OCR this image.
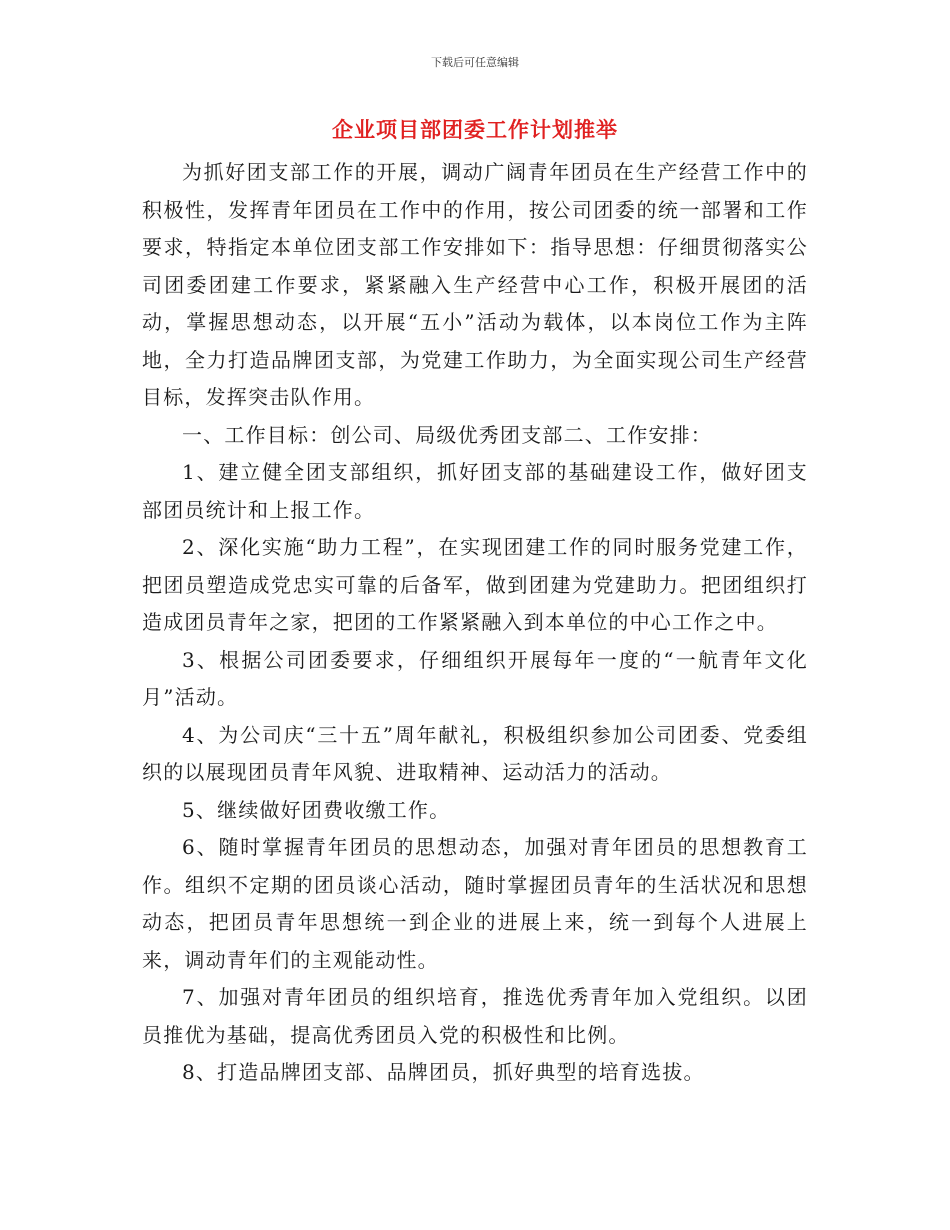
下载后可任意编辑
企业项目部团委工作计划推举

为抓好团支部工作的开展，调动广阔青年团员在生产经营工作中的积极性，发挥青年团员在工作中的作用，按公司团委的统一部署和工作要求，特指定本单位团支部工作安排如下：指导思想：仔细贯彻落实公司团委团建工作要求，紧紧融入生产经营中心工作，积极开展团的活动，掌握思想动态，以开展“五小”活动为载体，以本岗位工作为主阵地，全力打造品牌团支部，为党建工作助力，为全面实现公司生产经营目标，发挥突击队作用。

一、工作目标：创公司、局级优秀团支部二、工作安排：

1、建立健全团支部组织，抓好团支部的基础建设工作，做好团支部团员统计和上报工作。

2、深化实施“助力工程”，在实现团建工作的同时服务党建工作，把团员塑造成党忠实可靠的后备军，做到团建为党建助力。把团组织打造成团员青年之家，把团的工作紧紧融入到本单位的中心工作之中。

3、根据公司团委要求，仔细组织开展每年一度的“一航青年文化月”活动。

4、为公司庆“三十五”周年献礼，积极组织参加公司团委、党委组织的以展现团员青年风貌、进取精神、运动活力的活动。

5、继续做好团费收缴工作。

6、随时掌握青年团员的思想动态，加强对青年团员的思想教育工作。组织不定期的团员谈心活动，随时掌握团员青年的生活状况和思想动态，把团员青年思想统一到企业的进展上来，统一到每个人进展上来，调动青年们的主观能动性。

7、加强对青年团员的组织培育，推选优秀青年加入党组织。以团员推优为基础，提高优秀团员入党的积极性和比例。

8、打造品牌团支部、品牌团员，抓好典型的培育选拔。
